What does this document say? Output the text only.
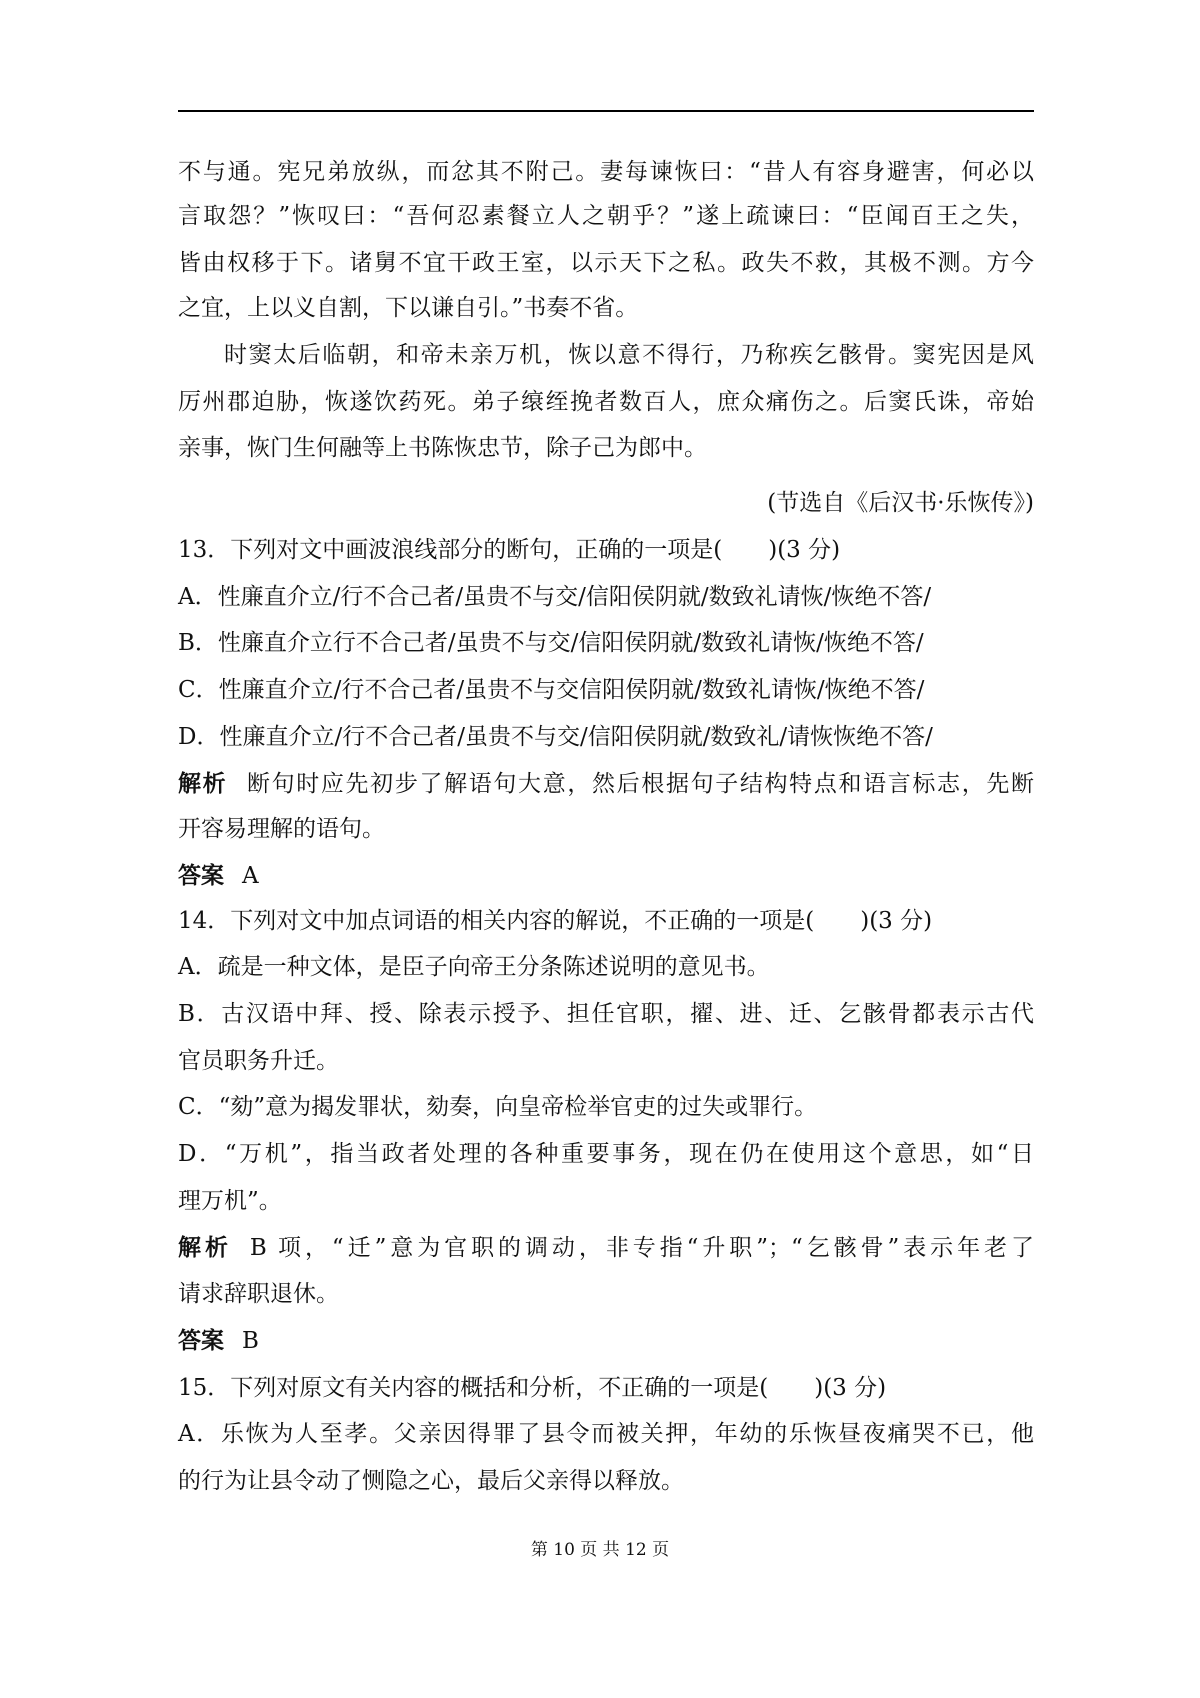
不与通。宪兄弟放纵，而忿其不附己。妻每谏恢曰：“昔人有容身避害，何必以
言取怨？”恢叹曰：“吾何忍素餐立人之朝乎？”遂上疏谏曰：“臣闻百王之失，
皆由权移于下。诸舅不宜干政王室，以示天下之私。政失不救，其极不测。方今
之宜，上以义自割，下以谦自引。”书奏不省。
时窦太后临朝，和帝未亲万机，恢以意不得行，乃称疾乞骸骨。窦宪因是风
厉州郡迫胁，恢遂饮药死。弟子缞绖挽者数百人，庶众痛伤之。后窦氏诛，帝始
亲事，恢门生何融等上书陈恢忠节，除子己为郎中。
(节选自《后汉书·乐恢传》)
13．下列对文中画波浪线部分的断句，正确的一项是(　　)(3 分)
A．性廉直介立/行不合己者/虽贵不与交/信阳侯阴就/数致礼请恢/恢绝不答/
B．性廉直介立行不合己者/虽贵不与交/信阳侯阴就/数致礼请恢/恢绝不答/
C．性廉直介立/行不合己者/虽贵不与交信阳侯阴就/数致礼请恢/恢绝不答/
D．性廉直介立/行不合己者/虽贵不与交/信阳侯阴就/数致礼/请恢恢绝不答/
解析 断句时应先初步了解语句大意，然后根据句子结构特点和语言标志，先断
开容易理解的语句。
答案 A
14．下列对文中加点词语的相关内容的解说，不正确的一项是(　　)(3 分)
A．疏是一种文体，是臣子向帝王分条陈述说明的意见书。
B．古汉语中拜、授、除表示授予、担任官职，擢、进、迁、乞骸骨都表示古代
官员职务升迁。
C．“劾”意为揭发罪状，劾奏，向皇帝检举官吏的过失或罪行。
D．“万机”，指当政者处理的各种重要事务，现在仍在使用这个意思，如“日
理万机”。
解析 B 项，“迁”意为官职的调动，非专指“升职”；“乞骸骨”表示年老了
请求辞职退休。
答案 B
15．下列对原文有关内容的概括和分析，不正确的一项是(　　)(3 分)
A．乐恢为人至孝。父亲因得罪了县令而被关押，年幼的乐恢昼夜痛哭不已，他
的行为让县令动了恻隐之心，最后父亲得以释放。
第 10 页 共 12 页
